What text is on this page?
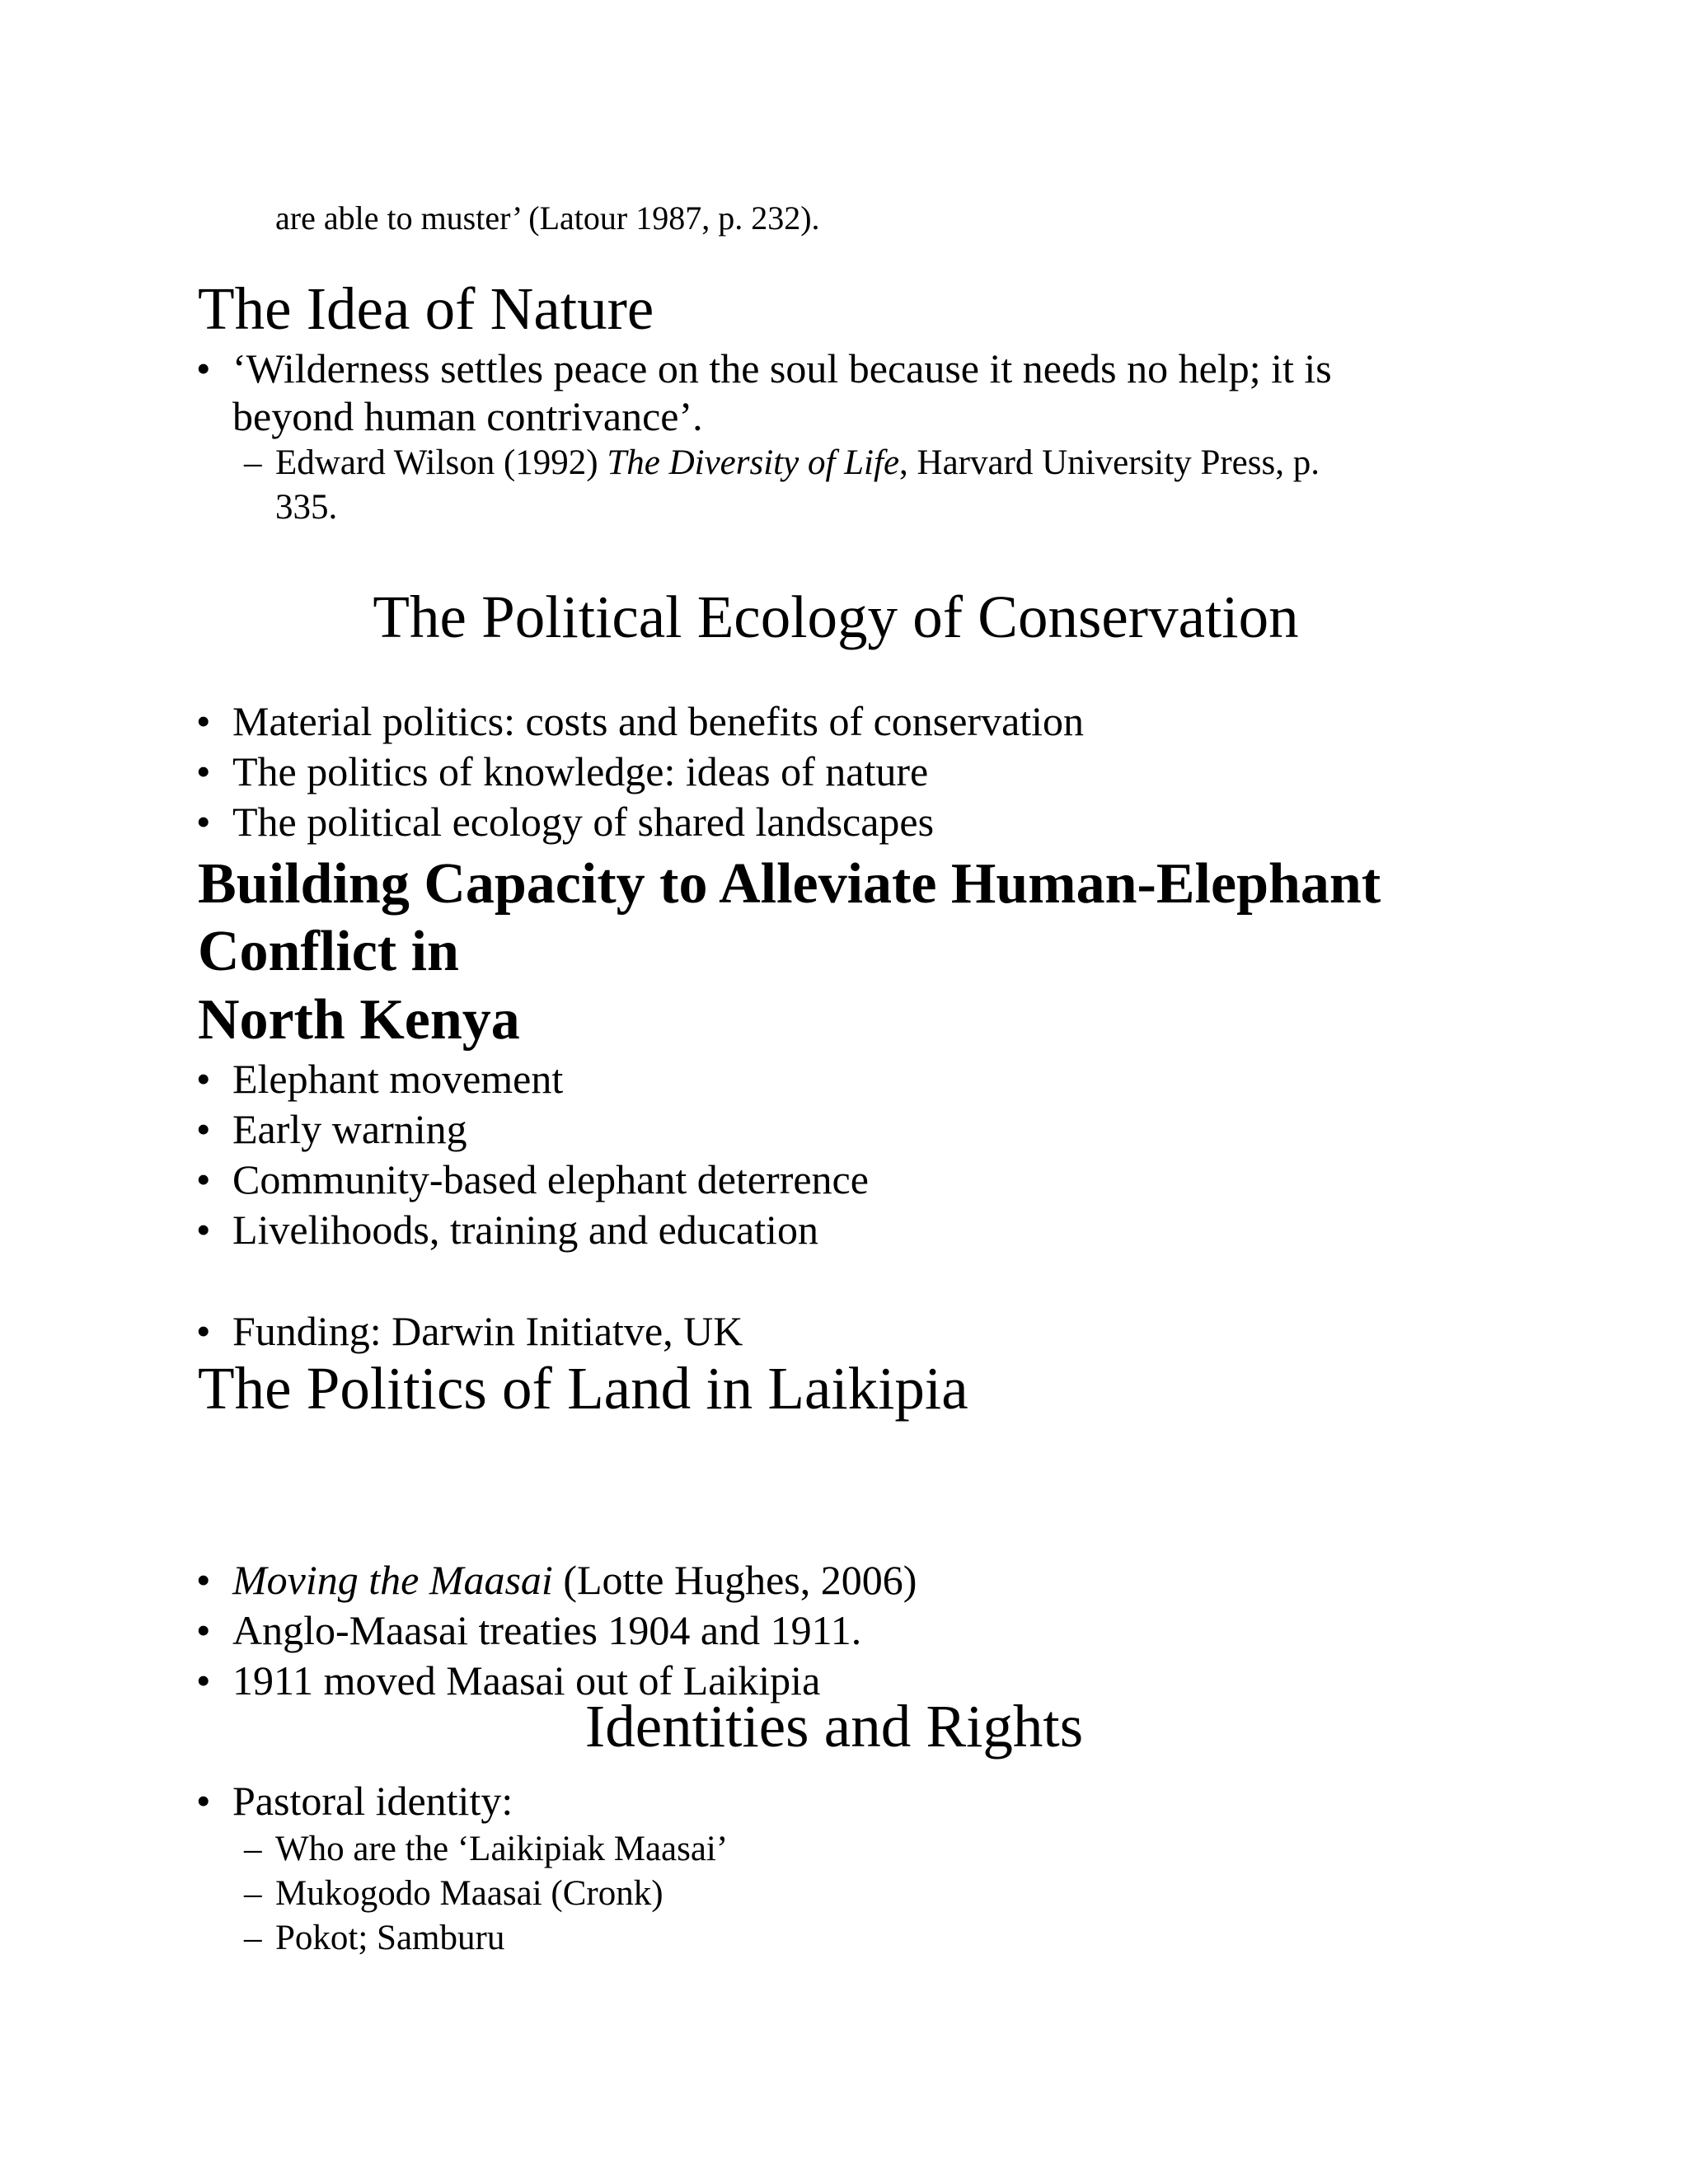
are able to muster’ (Latour 1987, p. 232).
The Idea of Nature
• ‘Wilderness settles peace on the soul because it needs no help; it is
beyond human contrivance’.
– Edward Wilson (1992) The Diversity of Life, Harvard University Press, p.
335.
The Political Ecology of Conservation
• Material politics: costs and benefits of conservation
• The politics of knowledge: ideas of nature
• The political ecology of shared landscapes
Building Capacity to Alleviate Human-Elephant
Conflict in
North Kenya
• Elephant movement
• Early warning
• Community-based elephant deterrence
• Livelihoods, training and education
• Funding: Darwin Initiatve, UK
The Politics of Land in Laikipia
• Moving the Maasai (Lotte Hughes, 2006)
• Anglo-Maasai treaties 1904 and 1911.
• 1911 moved Maasai out of Laikipia
Identities and Rights
• Pastoral identity:
– Who are the ‘Laikipiak Maasai’
– Mukogodo Maasai (Cronk)
– Pokot; Samburu
